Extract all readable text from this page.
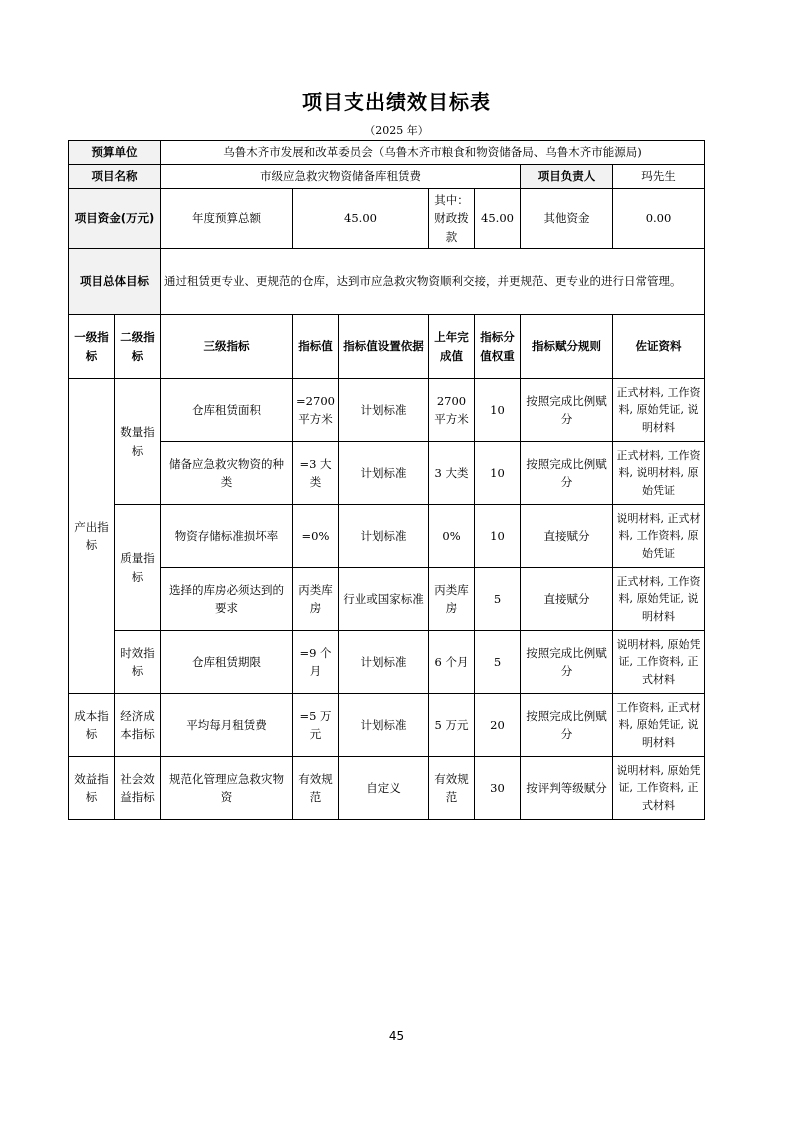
项目支出绩效目标表
（2025 年）
预算单位		乌鲁木齐市发展和改革委员会（乌鲁木齐市粮食和物资储备局、乌鲁木齐市能源局)						
项目名称		市级应急救灾物资储备库租赁费					项目负责人	玛先生
项目资金(万元)		年度预算总额	45.00		其中：财政拨款	45.00	其他资金	0.00
项目总体目标		通过租赁更专业、更规范的仓库，达到市应急救灾物资顺利交接，并更规范、更专业的进行日常管理。						
一级指标	二级指标	三级指标	指标值	指标值设置依据	上年完成值	指标分值权重	指标赋分规则	佐证资料
产出指标	数量指标	仓库租赁面积	=2700平方米	计划标准	2700平方米	10	按照完成比例赋分	正式材料, 工作资料, 原始凭证, 说明材料
		储备应急救灾物资的种类	=3 大类	计划标准	3 大类	10	按照完成比例赋分	正式材料, 工作资料, 说明材料, 原始凭证
	质量指标	物资存储标准损坏率	=0%	计划标准	0%	10	直接赋分	说明材料, 正式材料, 工作资料, 原始凭证
		选择的库房必须达到的要求	丙类库房	行业或国家标准	丙类库房	5	直接赋分	正式材料, 工作资料, 原始凭证, 说明材料
	时效指标	仓库租赁期限	=9 个月	计划标准	6 个月	5	按照完成比例赋分	说明材料, 原始凭证, 工作资料, 正式材料
成本指标	经济成本指标	平均每月租赁费	=5 万元	计划标准	5 万元	20	按照完成比例赋分	工作资料, 正式材料, 原始凭证, 说明材料
效益指标	社会效益指标	规范化管理应急救灾物资	有效规范	自定义	有效规范	30	按评判等级赋分	说明材料, 原始凭证, 工作资料, 正式材料
45
